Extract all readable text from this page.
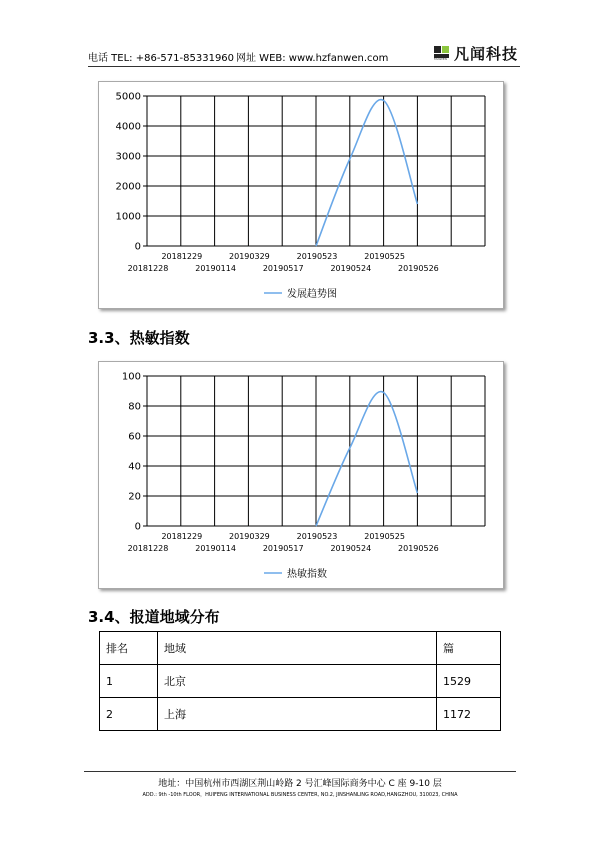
电话 TEL: +86-571-85331960 网址 WEB: www.hzfanwen.com	FANWEN 凡闻科技
0
1000
2000
3000
4000
5000
20181229	20190329	20190523	20190525
20181228	20190114	20190517	20190524	20190526
发展趋势图
3.3、热敏指数
0
20
40
60
80
100
20181229	20190329	20190523	20190525
20181228	20190114	20190517	20190524	20190526
热敏指数
3.4、报道地域分布
排名	地域	篇
1	北京	1529
2	上海	1172
地址：中国杭州市西湖区荆山岭路 2 号汇峰国际商务中心 C 座 9-10 层
ADD.: 9th -10th FLOOR，HUIFENG INTERNATIONAL BUSINESS CENTER, NO.2, JINSHANLING ROAD,HANGZHOU, 310023, CHINA
